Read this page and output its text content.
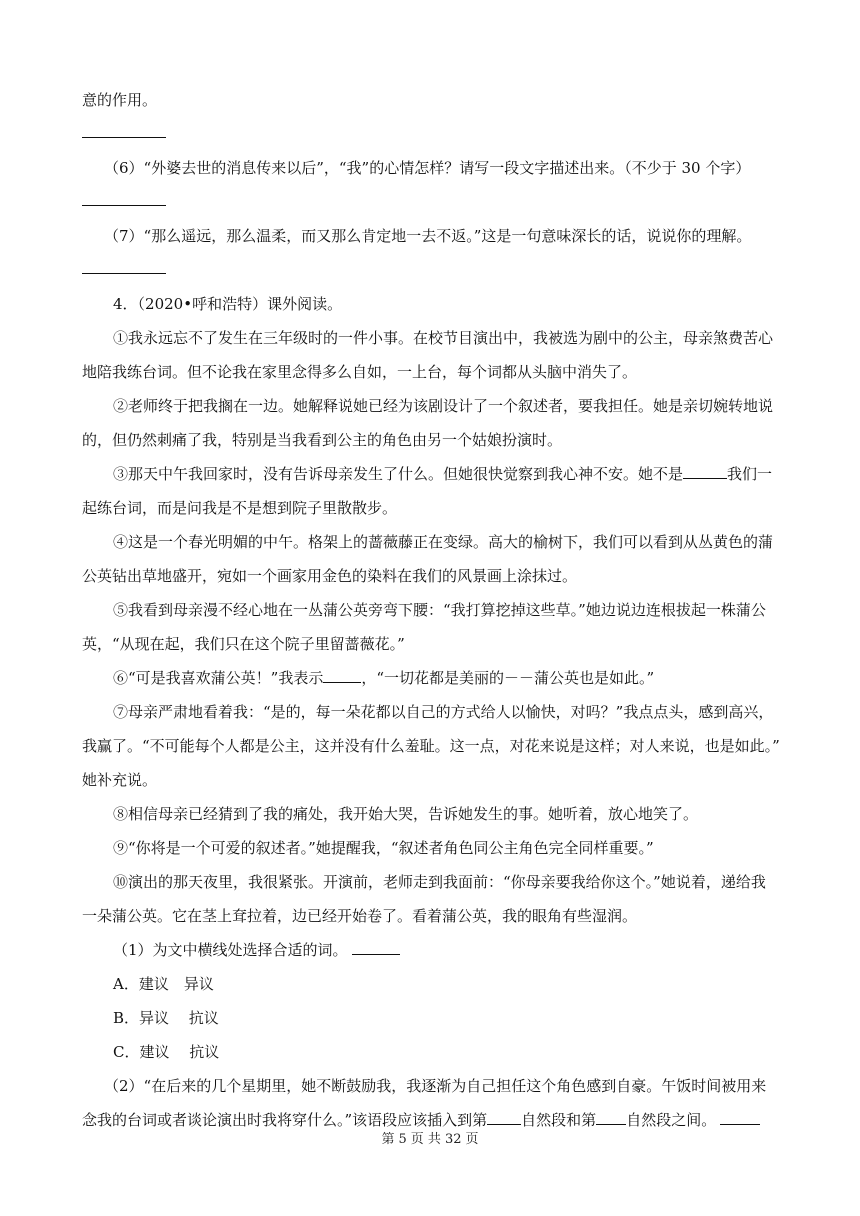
意的作用。
（6）“外婆去世的消息传来以后”，“我”的心情怎样？请写一段文字描述出来。（不少于 30 个字）
（7）“那么遥远，那么温柔，而又那么肯定地一去不返。”这是一句意味深长的话，说说你的理解。
4．（2020•呼和浩特）课外阅读。
①我永远忘不了发生在三年级时的一件小事。在校节目演出中，我被选为剧中的公主，母亲煞费苦心
地陪我练台词。但不论我在家里念得多么自如，一上台，每个词都从头脑中消失了。
②老师终于把我搁在一边。她解释说她已经为该剧设计了一个叙述者，要我担任。她是亲切婉转地说
的，但仍然刺痛了我，特别是当我看到公主的角色由另一个姑娘扮演时。
③那天中午我回家时，没有告诉母亲发生了什么。但她很快觉察到我心神不安。她不是	我们一
起练台词，而是问我是不是想到院子里散散步。
④这是一个春光明媚的中午。格架上的蔷薇藤正在变绿。高大的榆树下，我们可以看到从丛黄色的蒲
公英钻出草地盛开，宛如一个画家用金色的染料在我们的风景画上涂抹过。
⑤我看到母亲漫不经心地在一丛蒲公英旁弯下腰：“我打算挖掉这些草。”她边说边连根拔起一株蒲公
英，“从现在起，我们只在这个院子里留蔷薇花。”
⑥“可是我喜欢蒲公英！”我表示	，“一切花都是美丽的－－蒲公英也是如此。”
⑦母亲严肃地看着我：“是的，每一朵花都以自己的方式给人以愉快，对吗？”我点点头，感到高兴，
我赢了。“不可能每个人都是公主，这并没有什么羞耻。这一点，对花来说是这样；对人来说，也是如此。”
她补充说。
⑧相信母亲已经猜到了我的痛处，我开始大哭，告诉她发生的事。她听着，放心地笑了。
⑨“你将是一个可爱的叙述者。”她提醒我，“叙述者角色同公主角色完全同样重要。”
⑩演出的那天夜里，我很紧张。开演前，老师走到我面前：“你母亲要我给你这个。”她说着，递给我
一朵蒲公英。它在茎上耷拉着，边已经开始卷了。看着蒲公英，我的眼角有些湿润。
（1）为文中横线处选择合适的词。
A．建议　异议
B．异议　 抗议
C．建议　 抗议
（2）“在后来的几个星期里，她不断鼓励我，我逐渐为自己担任这个角色感到自豪。午饭时间被用来
念我的台词或者谈论演出时我将穿什么。”该语段应该插入到第 自然段和第 自然段之间。
第 5 页 共 32 页
